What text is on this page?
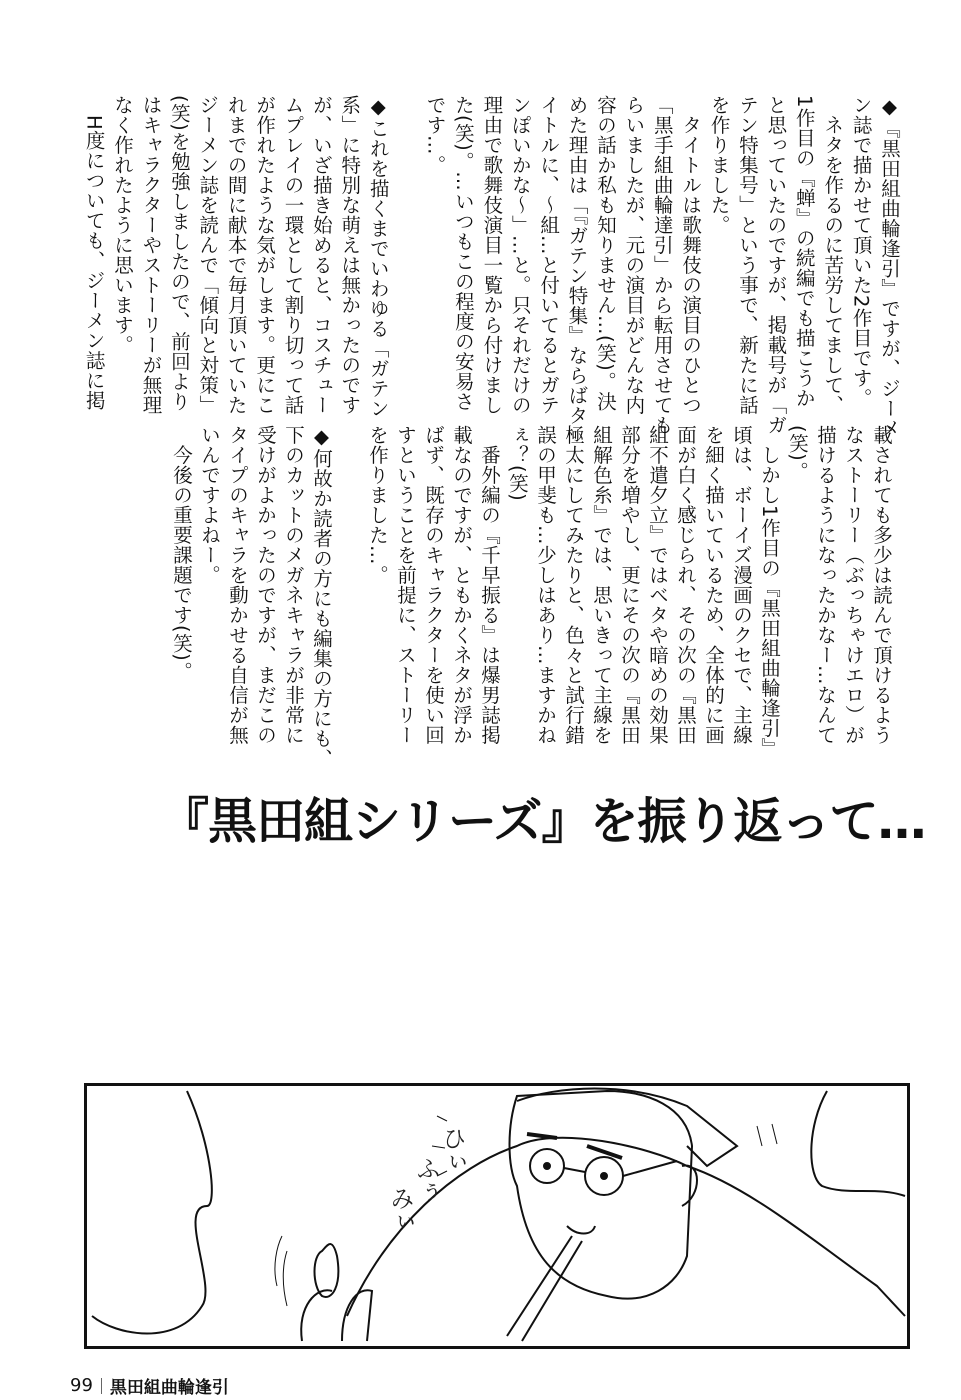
◆『黒田組曲輪逢引』ですが、ジーメ
ン誌で描かせて頂いた2作目です。
　ネタを作るのに苦労してまして、
1作目の『蝉』の続編でも描こうか
と思っていたのですが、掲載号が「ガ
テン特集号」という事で、新たに話
を作りました。
　タイトルは歌舞伎の演目のひとつ
「黒手組曲輪達引」から転用させても
らいましたが、元の演目がどんな内
容の話か私も知りません…(笑)。決
めた理由は「『ガテン特集』ならばタ
イトルに、～組…と付いてるとガテ
ンぽいかな～」…と。只それだけの
理由で歌舞伎演目一覧から付けまし
た(笑)。…いつもこの程度の安易さ
です…。
◆これを描くまでいわゆる「ガテン
系」に特別な萌えは無かったのです
が、いざ描き始めると、コスチュー
ムプレイの一環として割り切って話
が作れたような気がします。更にこ
れまでの間に献本で毎月頂いていた
ジーメン誌を読んで「傾向と対策」
(笑)を勉強しましたので、前回より
はキャラクターやストーリーが無理
なく作れたように思います。
　H度についても、ジーメン誌に掲
載されても多少は読んで頂けるよう
なストーリー（ぶっちゃけエロ）が
描けるようになったかなー…なんて
(笑)。
　しかし1作目の『黒田組曲輪逢引』
頃は、ボーイズ漫画のクセで、主線
を細く描いているため、全体的に画
面が白く感じられ、その次の『黒田
組不遣夕立』ではベタや暗めの効果
部分を増やし、更にその次の『黒田
組解色糸』では、思いきって主線を
極太にしてみたりと、色々と試行錯
誤の甲斐も…少しはあり…ますかね
ぇ？(笑)
　番外編の『千早振る』は爆男誌掲
載なのですが、ともかくネタが浮か
ばず、既存のキャラクターを使い回
すということを前提に、ストーリー
を作りました…。
◆何故か読者の方にも編集の方にも、
下のカットのメガネキャラが非常に
受けがよかったのですが、まだこの
タイプのキャラを動かせる自信が無
いんですよねー。
　今後の重要課題です(笑)。
『黒田組シリーズ』を振り返って…
ひぃ
ふぅ
みぃ
99 黒田組曲輪逢引
